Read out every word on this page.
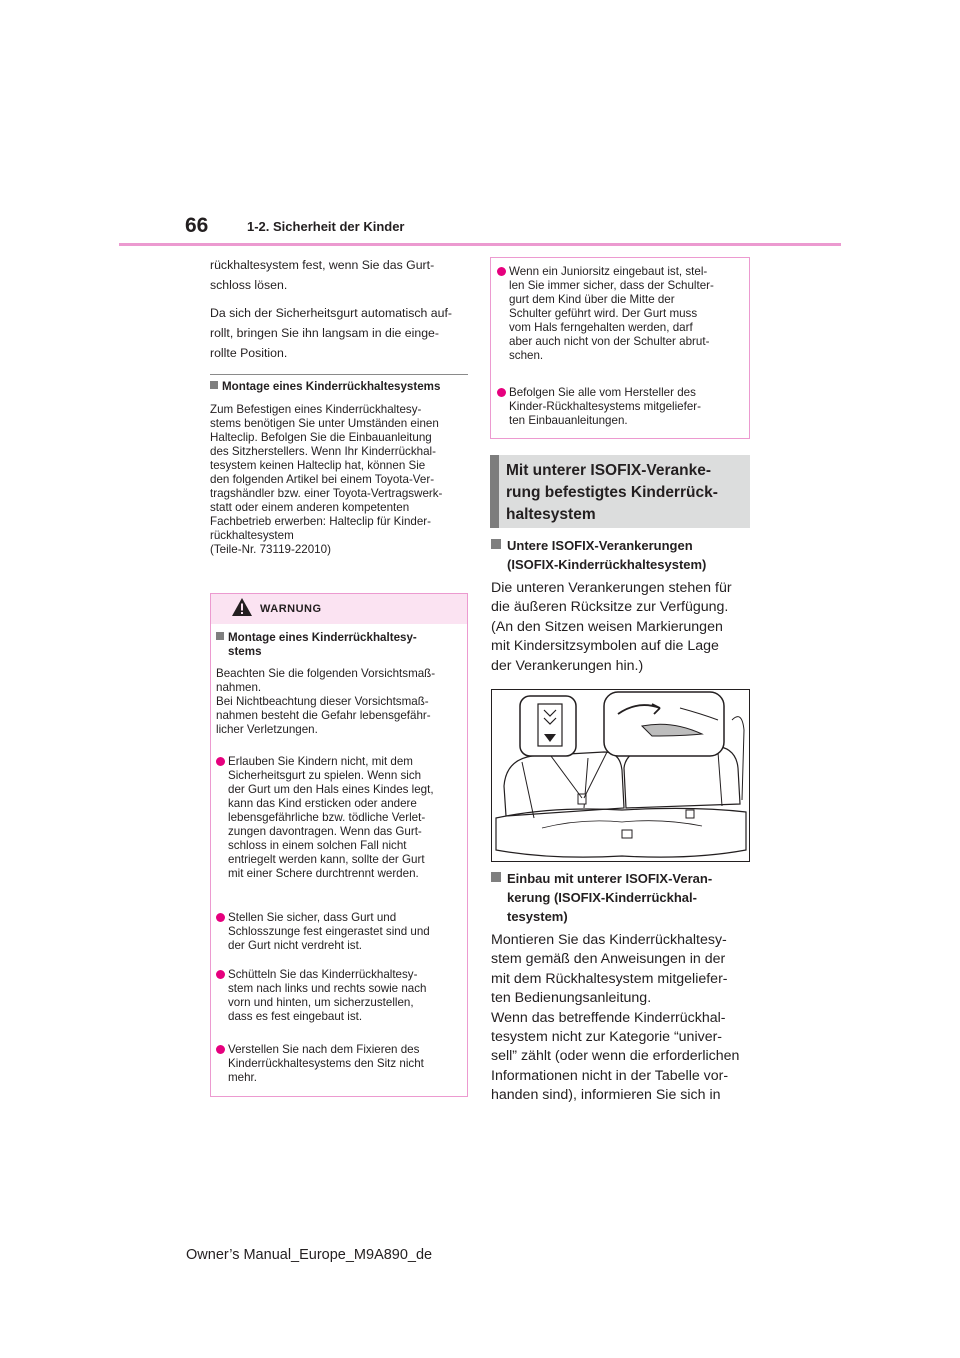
66	1-2. Sicherheit der Kinder
rückhaltesystem fest, wenn Sie das Gurt-
schloss lösen.
Da sich der Sicherheitsgurt automatisch auf-
rollt, bringen Sie ihn langsam in die einge-
rollte Position.
Montage eines Kinderrückhaltesystems
Zum Befestigen eines Kinderrückhaltesy-
stems benötigen Sie unter Umständen einen
Halteclip. Befolgen Sie die Einbauanleitung
des Sitzherstellers. Wenn Ihr Kinderrückhal-
tesystem keinen Halteclip hat, können Sie
den folgenden Artikel bei einem Toyota-Ver-
tragshändler bzw. einer Toyota-Vertragswerk-
statt oder einem anderen kompetenten
Fachbetrieb erwerben: Halteclip für Kinder-
rückhaltesystem
(Teile-Nr. 73119-22010)
WARNUNG
Montage eines Kinderrückhaltesy-
stems
Beachten Sie die folgenden Vorsichtsmaß-
nahmen.
Bei Nichtbeachtung dieser Vorsichtsmaß-
nahmen besteht die Gefahr lebensgefähr-
licher Verletzungen.
Erlauben Sie Kindern nicht, mit dem
Sicherheitsgurt zu spielen. Wenn sich
der Gurt um den Hals eines Kindes legt,
kann das Kind ersticken oder andere
lebensgefährliche bzw. tödliche Verlet-
zungen davontragen. Wenn das Gurt-
schloss in einem solchen Fall nicht
entriegelt werden kann, sollte der Gurt
mit einer Schere durchtrennt werden.
Stellen Sie sicher, dass Gurt und
Schlosszunge fest eingerastet sind und
der Gurt nicht verdreht ist.
Schütteln Sie das Kinderrückhaltesy-
stem nach links und rechts sowie nach
vorn und hinten, um sicherzustellen,
dass es fest eingebaut ist.
Verstellen Sie nach dem Fixieren des
Kinderrückhaltesystems den Sitz nicht
mehr.
Wenn ein Juniorsitz eingebaut ist, stel-
len Sie immer sicher, dass der Schulter-
gurt dem Kind über die Mitte der
Schulter geführt wird. Der Gurt muss
vom Hals ferngehalten werden, darf
aber auch nicht von der Schulter abrut-
schen.
Befolgen Sie alle vom Hersteller des
Kinder-Rückhaltesystems mitgeliefer-
ten Einbauanleitungen.
Mit unterer ISOFIX-Veranke-
rung befestigtes Kinderrück-
haltesystem
Untere ISOFIX-Verankerungen
(ISOFIX-Kinderrückhaltesystem)
Die unteren Verankerungen stehen für
die äußeren Rücksitze zur Verfügung.
(An den Sitzen weisen Markierungen
mit Kindersitzsymbolen auf die Lage
der Verankerungen hin.)
Einbau mit unterer ISOFIX-Veran-
kerung (ISOFIX-Kinderrückhal-
tesystem)
Montieren Sie das Kinderrückhaltesy-
stem gemäß den Anweisungen in der
mit dem Rückhaltesystem mitgeliefer-
ten Bedienungsanleitung.
Wenn das betreffende Kinderrückhal-
tesystem nicht zur Kategorie “univer-
sell” zählt (oder wenn die erforderlichen
Informationen nicht in der Tabelle vor-
handen sind), informieren Sie sich in
Owner’s Manual_Europe_M9A890_de
